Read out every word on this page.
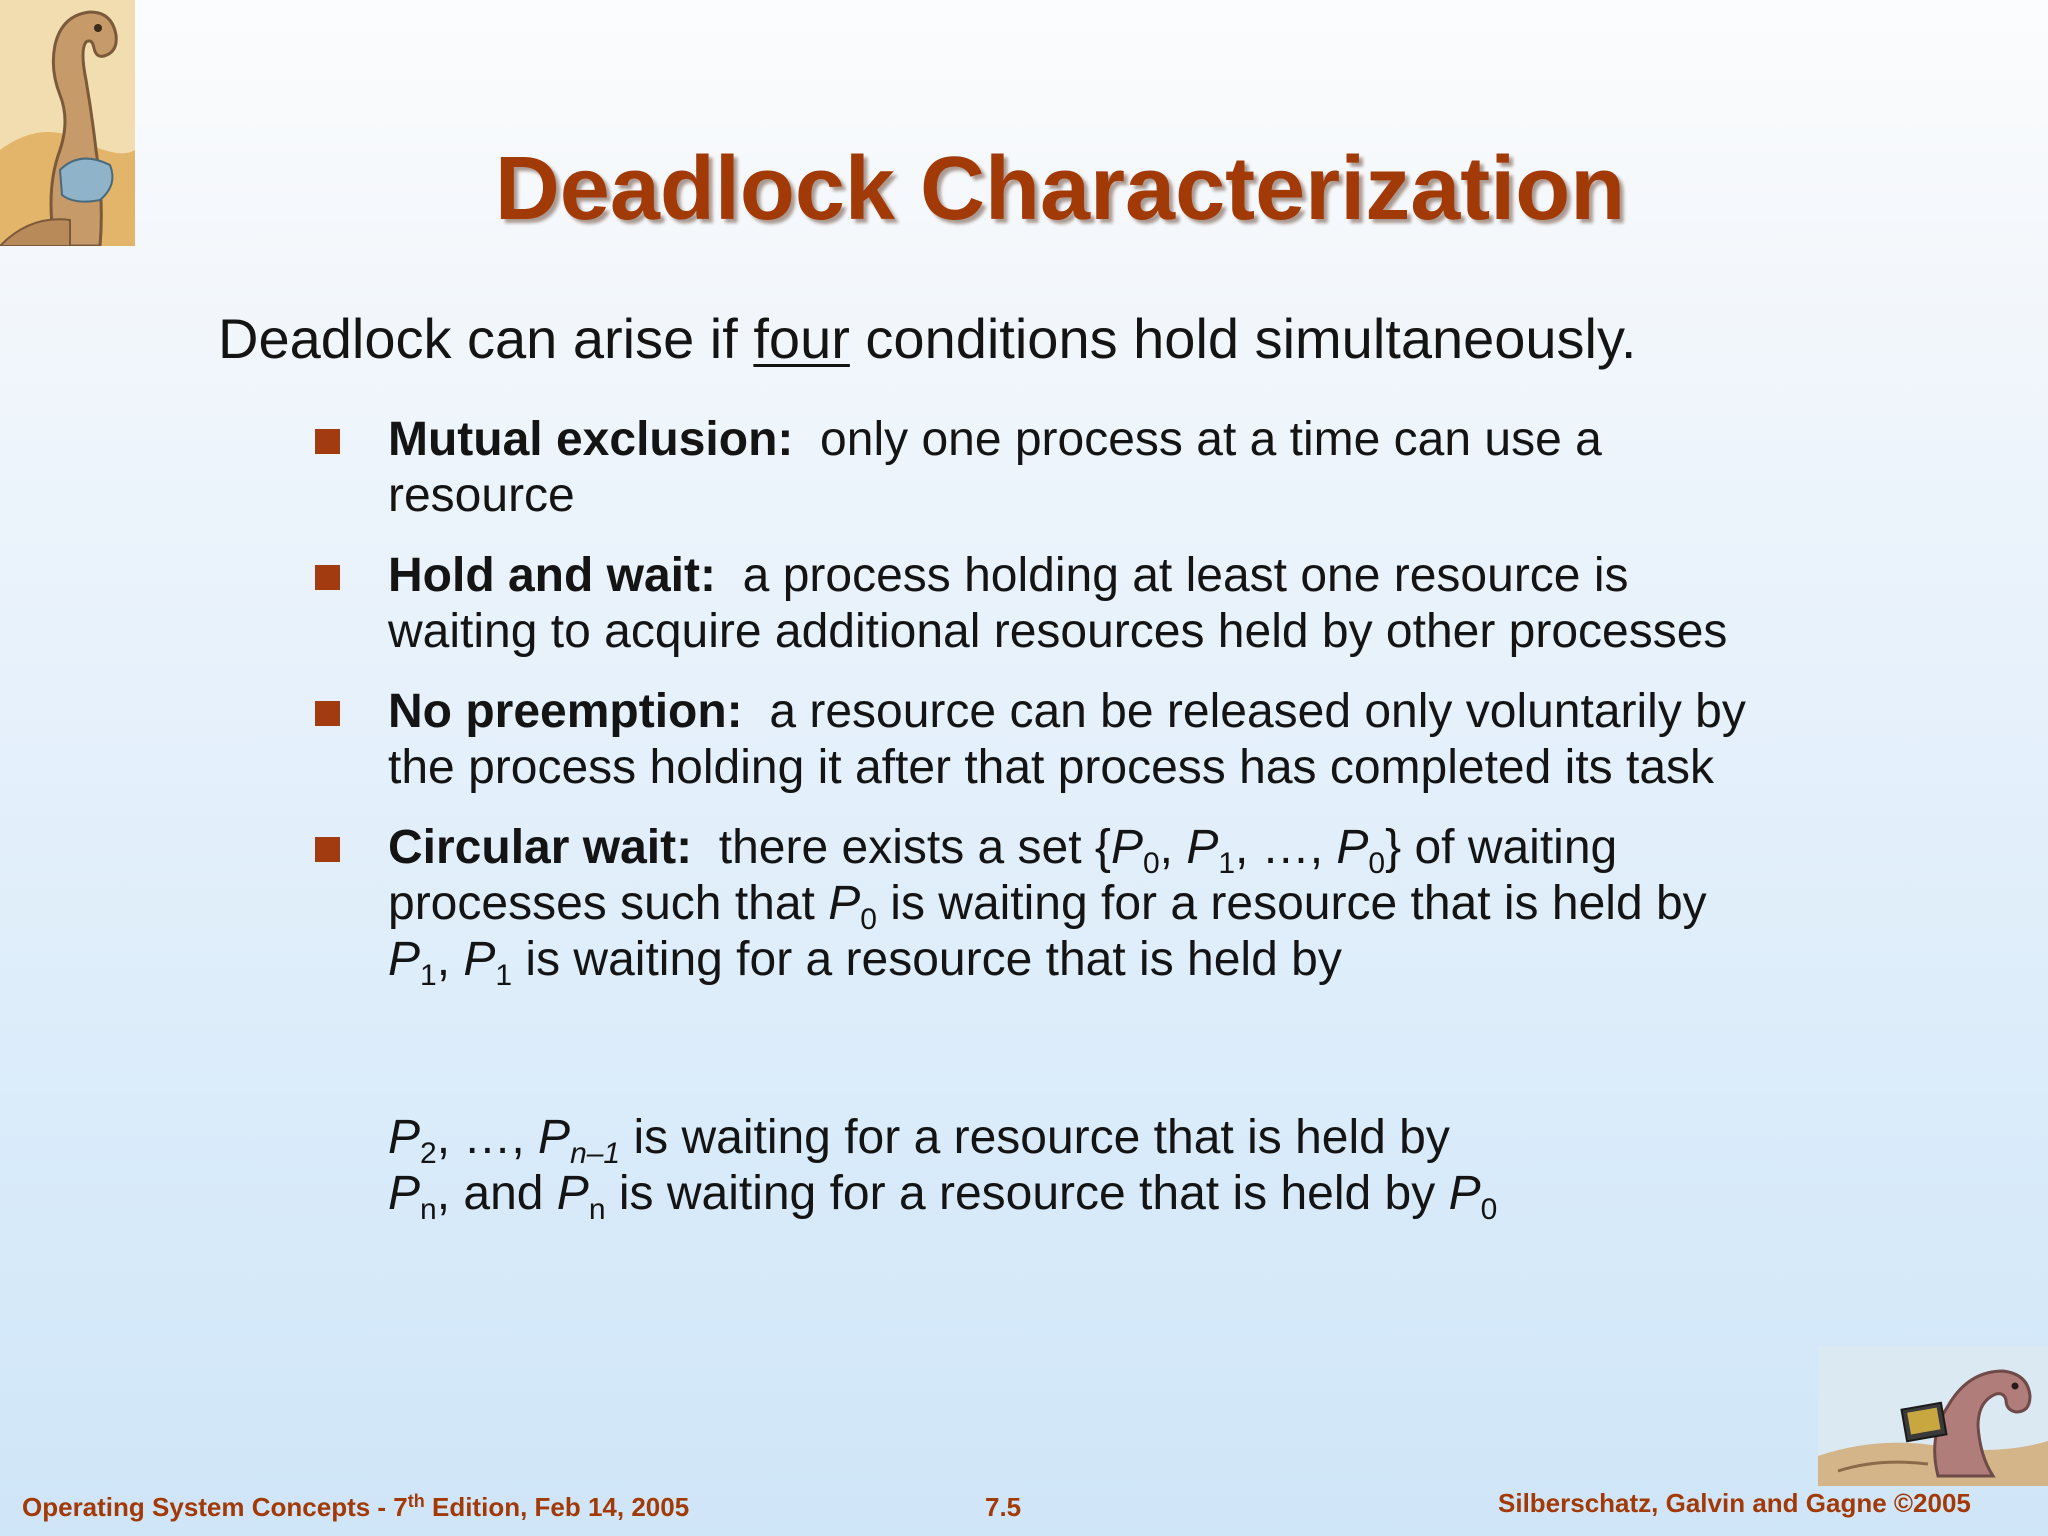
Deadlock Characterization
Deadlock can arise if four conditions hold simultaneously.
Mutual exclusion: only one process at a time can use a resource
Hold and wait: a process holding at least one resource is waiting to acquire additional resources held by other processes
No preemption: a resource can be released only voluntarily by the process holding it after that process has completed its task
Circular wait: there exists a set {$P_0$, $P_1$, …, $P_0$} of waiting processes such that $P_0$ is waiting for a resource that is held by $P_1$, $P_1$ is waiting for a resource that is held by
$P_2$, …, $P_{n-1}$ is waiting for a resource that is held by
$P_n$, and $P_n$ is waiting for a resource that is held by $P_0$
Operating System Concepts - 7th Edition, Feb 14, 2005	7.5	Silberschatz, Galvin and Gagne ©2005
